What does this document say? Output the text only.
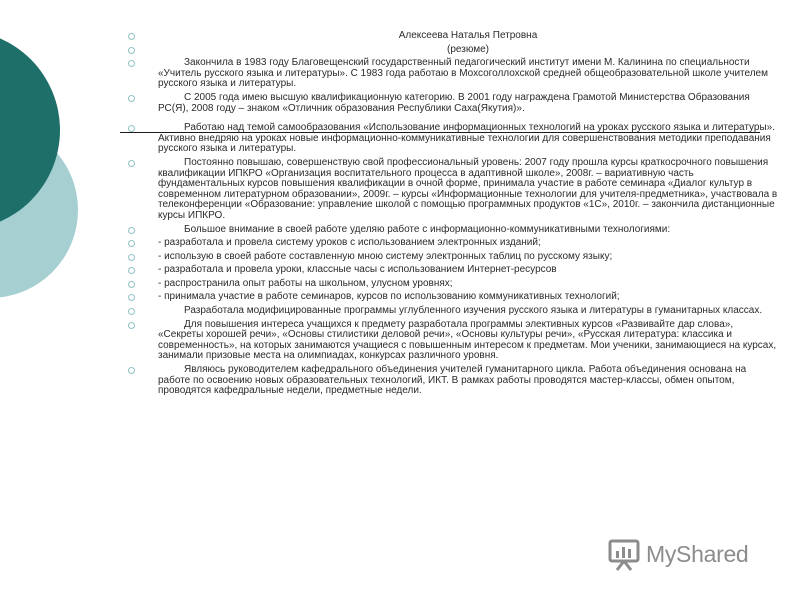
Алексеева Наталья Петровна
(резюме)
Закончила в 1983 году Благовещенский государственный педагогический институт имени М. Калинина по специальности «Учитель русского языка и литературы». С 1983 года работаю в Мохсоголлохской средней общеобразовательной школе учителем русского языка и литературы.
С 2005 года имею высшую квалификационную категорию. В 2001 году награждена Грамотой Министерства Образования РС(Я), 2008 году – знаком «Отличник образования Республики Саха(Якутия)».
Работаю над темой самообразования «Использование информационных технологий на уроках русского языка и литературы». Активно внедряю на уроках новые информационно-коммуникативные технологии для совершенствования методики преподавания русского языка и литературы.
Постоянно повышаю, совершенствую свой профессиональный уровень: 2007 году прошла курсы краткосрочного повышения квалификации ИПКРО «Организация воспитательного процесса в адаптивной школе», 2008г. – вариативную часть фундаментальных курсов повышения квалификации в очной форме, принимала участие в работе семинара «Диалог культур в современном литературном образовании», 2009г. – курсы «Информационные технологии для учителя-предметника», участвовала в телеконференции «Образование: управление школой с помощью программных продуктов «1С», 2010г. – закончила дистанционные курсы ИПКРО.
Большое внимание в своей работе уделяю работе с информационно-коммуникативными технологиями:
- разработала и провела систему уроков с использованием электронных изданий;
- использую в своей работе составленную мною систему электронных таблиц по русскому языку;
- разработала и провела уроки, классные часы с использованием Интернет-ресурсов
- распространила опыт работы на школьном, улусном уровнях;
- принимала участие в работе семинаров, курсов по использованию коммуникативных технологий;
Разработала модифицированные программы углубленного изучения русского языка и литературы в гуманитарных классах.
Для повышения интереса учащихся к предмету разработала программы элективных курсов «Развивайте дар слова», «Секреты хорошей речи», «Основы стилистики деловой речи», «Основы культуры речи», «Русская литература: классика и современность», на которых занимаются учащиеся с повышенным интересом к предметам. Мои ученики, занимающиеся на курсах, занимали призовые места на олимпиадах, конкурсах различного уровня.
Являюсь руководителем кафедрального объединения учителей гуманитарного цикла. Работа объединения основана на работе по освоению новых образовательных технологий, ИКТ. В рамках работы проводятся мастер-классы, обмен опытом, проводятся кафедральные недели, предметные недели.
MyShared
